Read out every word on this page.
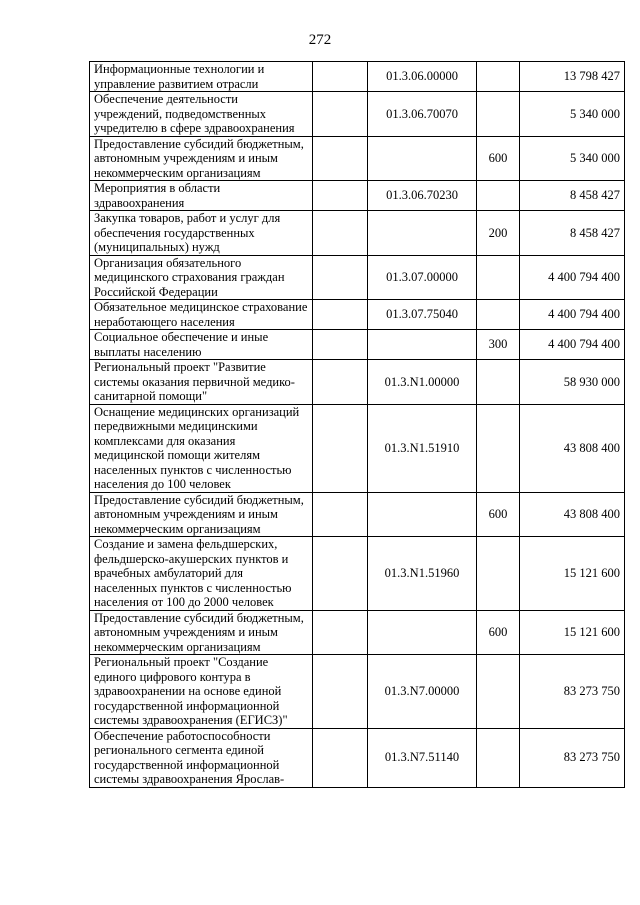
272
Информационные технологии и управление развитием отрасли		01.3.06.00000		13 798 427
Обеспечение деятельности учреждений, подведомственных учредителю в сфере здравоохранения		01.3.06.70070		5 340 000
Предоставление субсидий бюджетным, автономным учреждениям и иным некоммерческим организациям			600	5 340 000
Мероприятия в области здравоохранения		01.3.06.70230		8 458 427
Закупка товаров, работ и услуг для обеспечения государственных (муниципальных) нужд			200	8 458 427
Организация обязательного медицинского страхования граждан Российской Федерации		01.3.07.00000		4 400 794 400
Обязательное медицинское страхование неработающего населения		01.3.07.75040		4 400 794 400
Социальное обеспечение и иные выплаты населению			300	4 400 794 400
Региональный проект "Развитие системы оказания первичной медико-санитарной помощи"		01.3.N1.00000		58 930 000
Оснащение медицинских организаций передвижными медицинскими комплексами для оказания медицинской помощи жителям населенных пунктов с численностью населения до 100 человек		01.3.N1.51910		43 808 400
Предоставление субсидий бюджетным, автономным учреждениям и иным некоммерческим организациям			600	43 808 400
Создание и замена фельдшерских, фельдшерско-акушерских пунктов и врачебных амбулаторий для населенных пунктов с численностью населения от 100 до 2000 человек		01.3.N1.51960		15 121 600
Предоставление субсидий бюджетным, автономным учреждениям и иным некоммерческим организациям			600	15 121 600
Региональный проект "Создание единого цифрового контура в здравоохранении на основе единой государственной информационной системы здравоохранения (ЕГИСЗ)"		01.3.N7.00000		83 273 750
Обеспечение работоспособности регионального сегмента единой государственной информационной системы здравоохранения Ярослав-		01.3.N7.51140		83 273 750
